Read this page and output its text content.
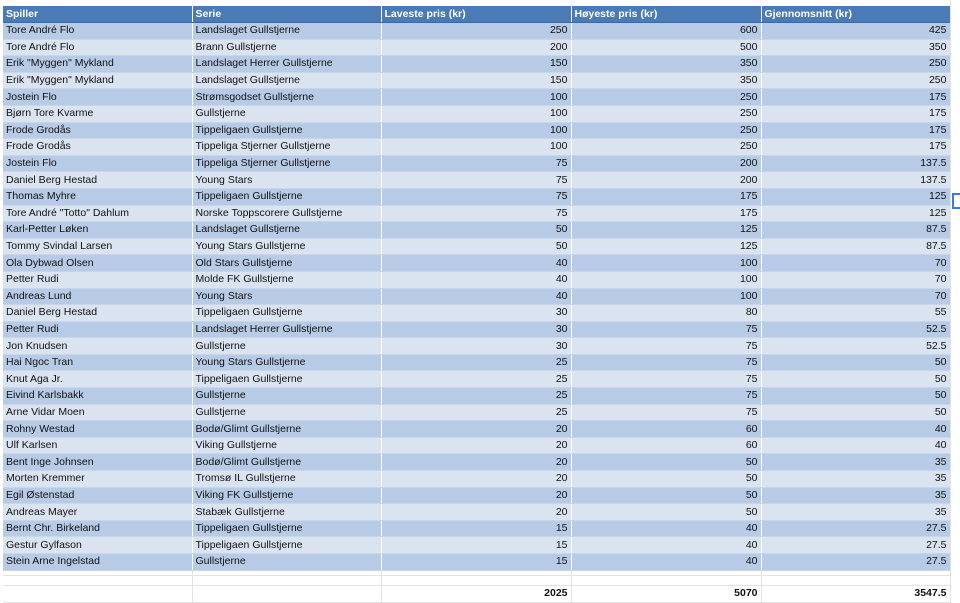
Spiller	Serie	Laveste pris (kr)	Høyeste pris (kr)	Gjennomsnitt (kr)
Tore André Flo	Landslaget Gullstjerne	250	600	425
Tore André Flo	Brann Gullstjerne	200	500	350
Erik "Myggen" Mykland	Landslaget Herrer Gullstjerne	150	350	250
Erik "Myggen" Mykland	Landslaget Gullstjerne	150	350	250
Jostein Flo	Strømsgodset Gullstjerne	100	250	175
Bjørn Tore Kvarme	Gullstjerne	100	250	175
Frode Grodås	Tippeligaen Gullstjerne	100	250	175
Frode Grodås	Tippeliga Stjerner Gullstjerne	100	250	175
Jostein Flo	Tippeliga Stjerner Gullstjerne	75	200	137.5
Daniel Berg Hestad	Young Stars	75	200	137.5
Thomas Myhre	Tippeligaen Gullstjerne	75	175	125
Tore André "Totto" Dahlum	Norske Toppscorere Gullstjerne	75	175	125
Karl-Petter Løken	Landslaget Gullstjerne	50	125	87.5
Tommy Svindal Larsen	Young Stars Gullstjerne	50	125	87.5
Ola Dybwad Olsen	Old Stars Gullstjerne	40	100	70
Petter Rudi	Molde FK Gullstjerne	40	100	70
Andreas Lund	Young Stars	40	100	70
Daniel Berg Hestad	Tippeligaen Gullstjerne	30	80	55
Petter Rudi	Landslaget Herrer Gullstjerne	30	75	52.5
Jon Knudsen	Gullstjerne	30	75	52.5
Hai Ngoc Tran	Young Stars Gullstjerne	25	75	50
Knut Aga Jr.	Tippeligaen Gullstjerne	25	75	50
Eivind Karlsbakk	Gullstjerne	25	75	50
Arne Vidar Moen	Gullstjerne	25	75	50
Rohny Westad	Bodø/Glimt Gullstjerne	20	60	40
Ulf Karlsen	Viking Gullstjerne	20	60	40
Bent Inge Johnsen	Bodø/Glimt Gullstjerne	20	50	35
Morten Kremmer	Tromsø IL Gullstjerne	20	50	35
Egil Østenstad	Viking FK Gullstjerne	20	50	35
Andreas Mayer	Stabæk Gullstjerne	20	50	35
Bernt Chr. Birkeland	Tippeligaen Gullstjerne	15	40	27.5
Gestur Gylfason	Tippeligaen Gullstjerne	15	40	27.5
Stein Arne Ingelstad	Gullstjerne	15	40	27.5

		2025	5070	3547.5
